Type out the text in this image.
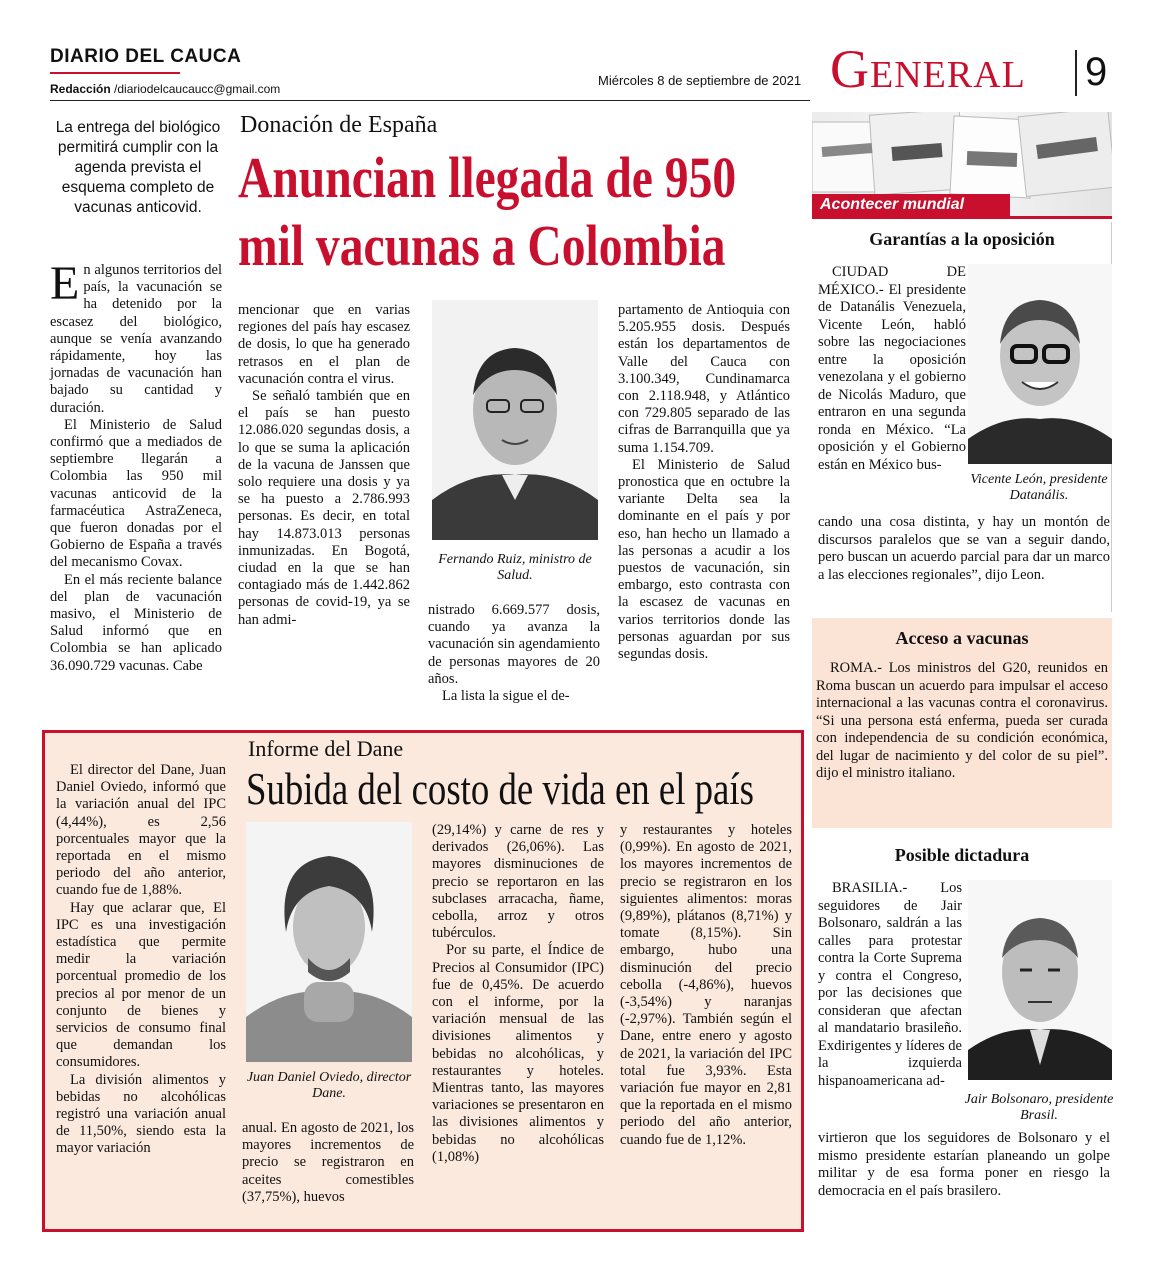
DIARIO DEL CAUCA
Redacción /diariodelcaucaucc@gmail.com
Miércoles 8 de septiembre de 2021 General 9
La entrega del biológico permitirá cumplir con la agenda prevista el esquema completo de vacunas anticovid.
Donación de España
Anuncian llegada de 950
mil vacunas a Colombia

En algunos territorios del país, la vacunación se ha detenido por la escasez del biológico, aunque se venía avanzando rápidamente, hoy las jornadas de vacunación han bajado su cantidad y duración.

El Ministerio de Salud confirmó que a mediados de septiembre llegarán a Colombia las 950 mil vacunas anticovid de la farmacéutica AstraZeneca, que fueron donadas por el Gobierno de España a través del mecanismo Covax.

En el más reciente balance del plan de vacunación masivo, el Ministerio de Salud informó que en Colombia se han aplicado 36.090.729 vacunas. Cabe

mencionar que en varias regiones del país hay escasez de dosis, lo que ha generado retrasos en el plan de vacunación contra el virus.

Se señaló también que en el país se han puesto 12.086.020 segundas dosis, a lo que se suma la aplicación de la vacuna de Janssen que solo requiere una dosis y ya se ha puesto a 2.786.993 personas. Es decir, en total hay 14.873.013 personas inmunizadas. En Bogotá, ciudad en la que se han contagiado más de 1.442.862 personas de covid-19, ya se han admi-

Fernando Ruiz, ministro de Salud.

nistrado 6.669.577 dosis, cuando ya avanza la vacunación sin agendamiento de personas mayores de 20 años.

La lista la sigue el de-

partamento de Antioquia con 5.205.955 dosis. Después están los departamentos de Valle del Cauca con 3.100.349, Cundinamarca con 2.118.948, y Atlántico con 729.805 separado de las cifras de Barranquilla que ya suma 1.154.709.

El Ministerio de Salud pronostica que en octubre la variante Delta sea la dominante en el país y por eso, han hecho un llamado a las personas a acudir a los puestos de vacunación, sin embargo, esto contrasta con la escasez de vacunas en varios territorios donde las personas aguardan por sus segundas dosis.

Acontecer mundial
Garantías a la oposición

CIUDAD DE MÉXICO.- El presidente de Datanális Venezuela, Vicente León, habló sobre las negociaciones entre la oposición venezolana y el gobierno de Nicolás Maduro, que entraron en una segunda ronda en México. “La oposición y el Gobierno están en México bus-

Vicente León, presidente Datanális.

cando una cosa distinta, y hay un montón de discursos paralelos que se van a seguir dando, pero buscan un acuerdo parcial para dar un marco a las elecciones regionales”, dijo Leon.

Acceso a vacunas

ROMA.- Los ministros del G20, reunidos en Roma buscan un acuerdo para impulsar el acceso internacional a las vacunas contra el coronavirus. “Si una persona está enferma, pueda ser curada con independencia de su condición económica, del lugar de nacimiento y del color de su piel”. dijo el ministro italiano.

Posible dictadura

BRASILIA.- Los seguidores de Jair Bolsonaro, saldrán a las calles para protestar contra la Corte Suprema y contra el Congreso, por las decisiones que consideran que afectan al mandatario brasileño. Exdirigentes y líderes de la izquierda hispanoamericana ad-

Jair Bolsonaro, presidente Brasil.

virtieron que los seguidores de Bolsonaro y el mismo presidente estarían planeando un golpe militar y de esa forma poner en riesgo la democracia en el país brasilero.

Informe del Dane
Subida del costo de vida en el país

El director del Dane, Juan Daniel Oviedo, informó que la variación anual del IPC (4,44%), es 2,56 porcentuales mayor que la reportada en el mismo periodo del año anterior, cuando fue de 1,88%.

Hay que aclarar que, El IPC es una investigación estadística que permite medir la variación porcentual promedio de los precios al por menor de un conjunto de bienes y servicios de consumo final que demandan los consumidores.

La división alimentos y bebidas no alcohólicas registró una variación anual de 11,50%, siendo esta la mayor variación

Juan Daniel Oviedo, director Dane.

anual. En agosto de 2021, los mayores incrementos de precio se registraron en aceites comestibles (37,75%), huevos

(29,14%) y carne de res y derivados (26,06%). Las mayores disminuciones de precio se reportaron en las subclases arracacha, ñame, cebolla, arroz y otros tubérculos.

Por su parte, el Índice de Precios al Consumidor (IPC) fue de 0,45%. De acuerdo con el informe, por la variación mensual de las divisiones alimentos y bebidas no alcohólicas, y restaurantes y hoteles. Mientras tanto, las mayores variaciones se presentaron en las divisiones alimentos y bebidas no alcohólicas (1,08%)

y restaurantes y hoteles (0,99%). En agosto de 2021, los mayores incrementos de precio se registraron en los siguientes alimentos: moras (9,89%), plátanos (8,71%) y tomate (8,15%). Sin embargo, hubo una disminución del precio cebolla (-4,86%), huevos (-3,54%) y naranjas (-2,97%). También según el Dane, entre enero y agosto de 2021, la variación del IPC total fue 3,93%. Esta variación fue mayor en 2,81 que la reportada en el mismo periodo del año anterior, cuando fue de 1,12%.
